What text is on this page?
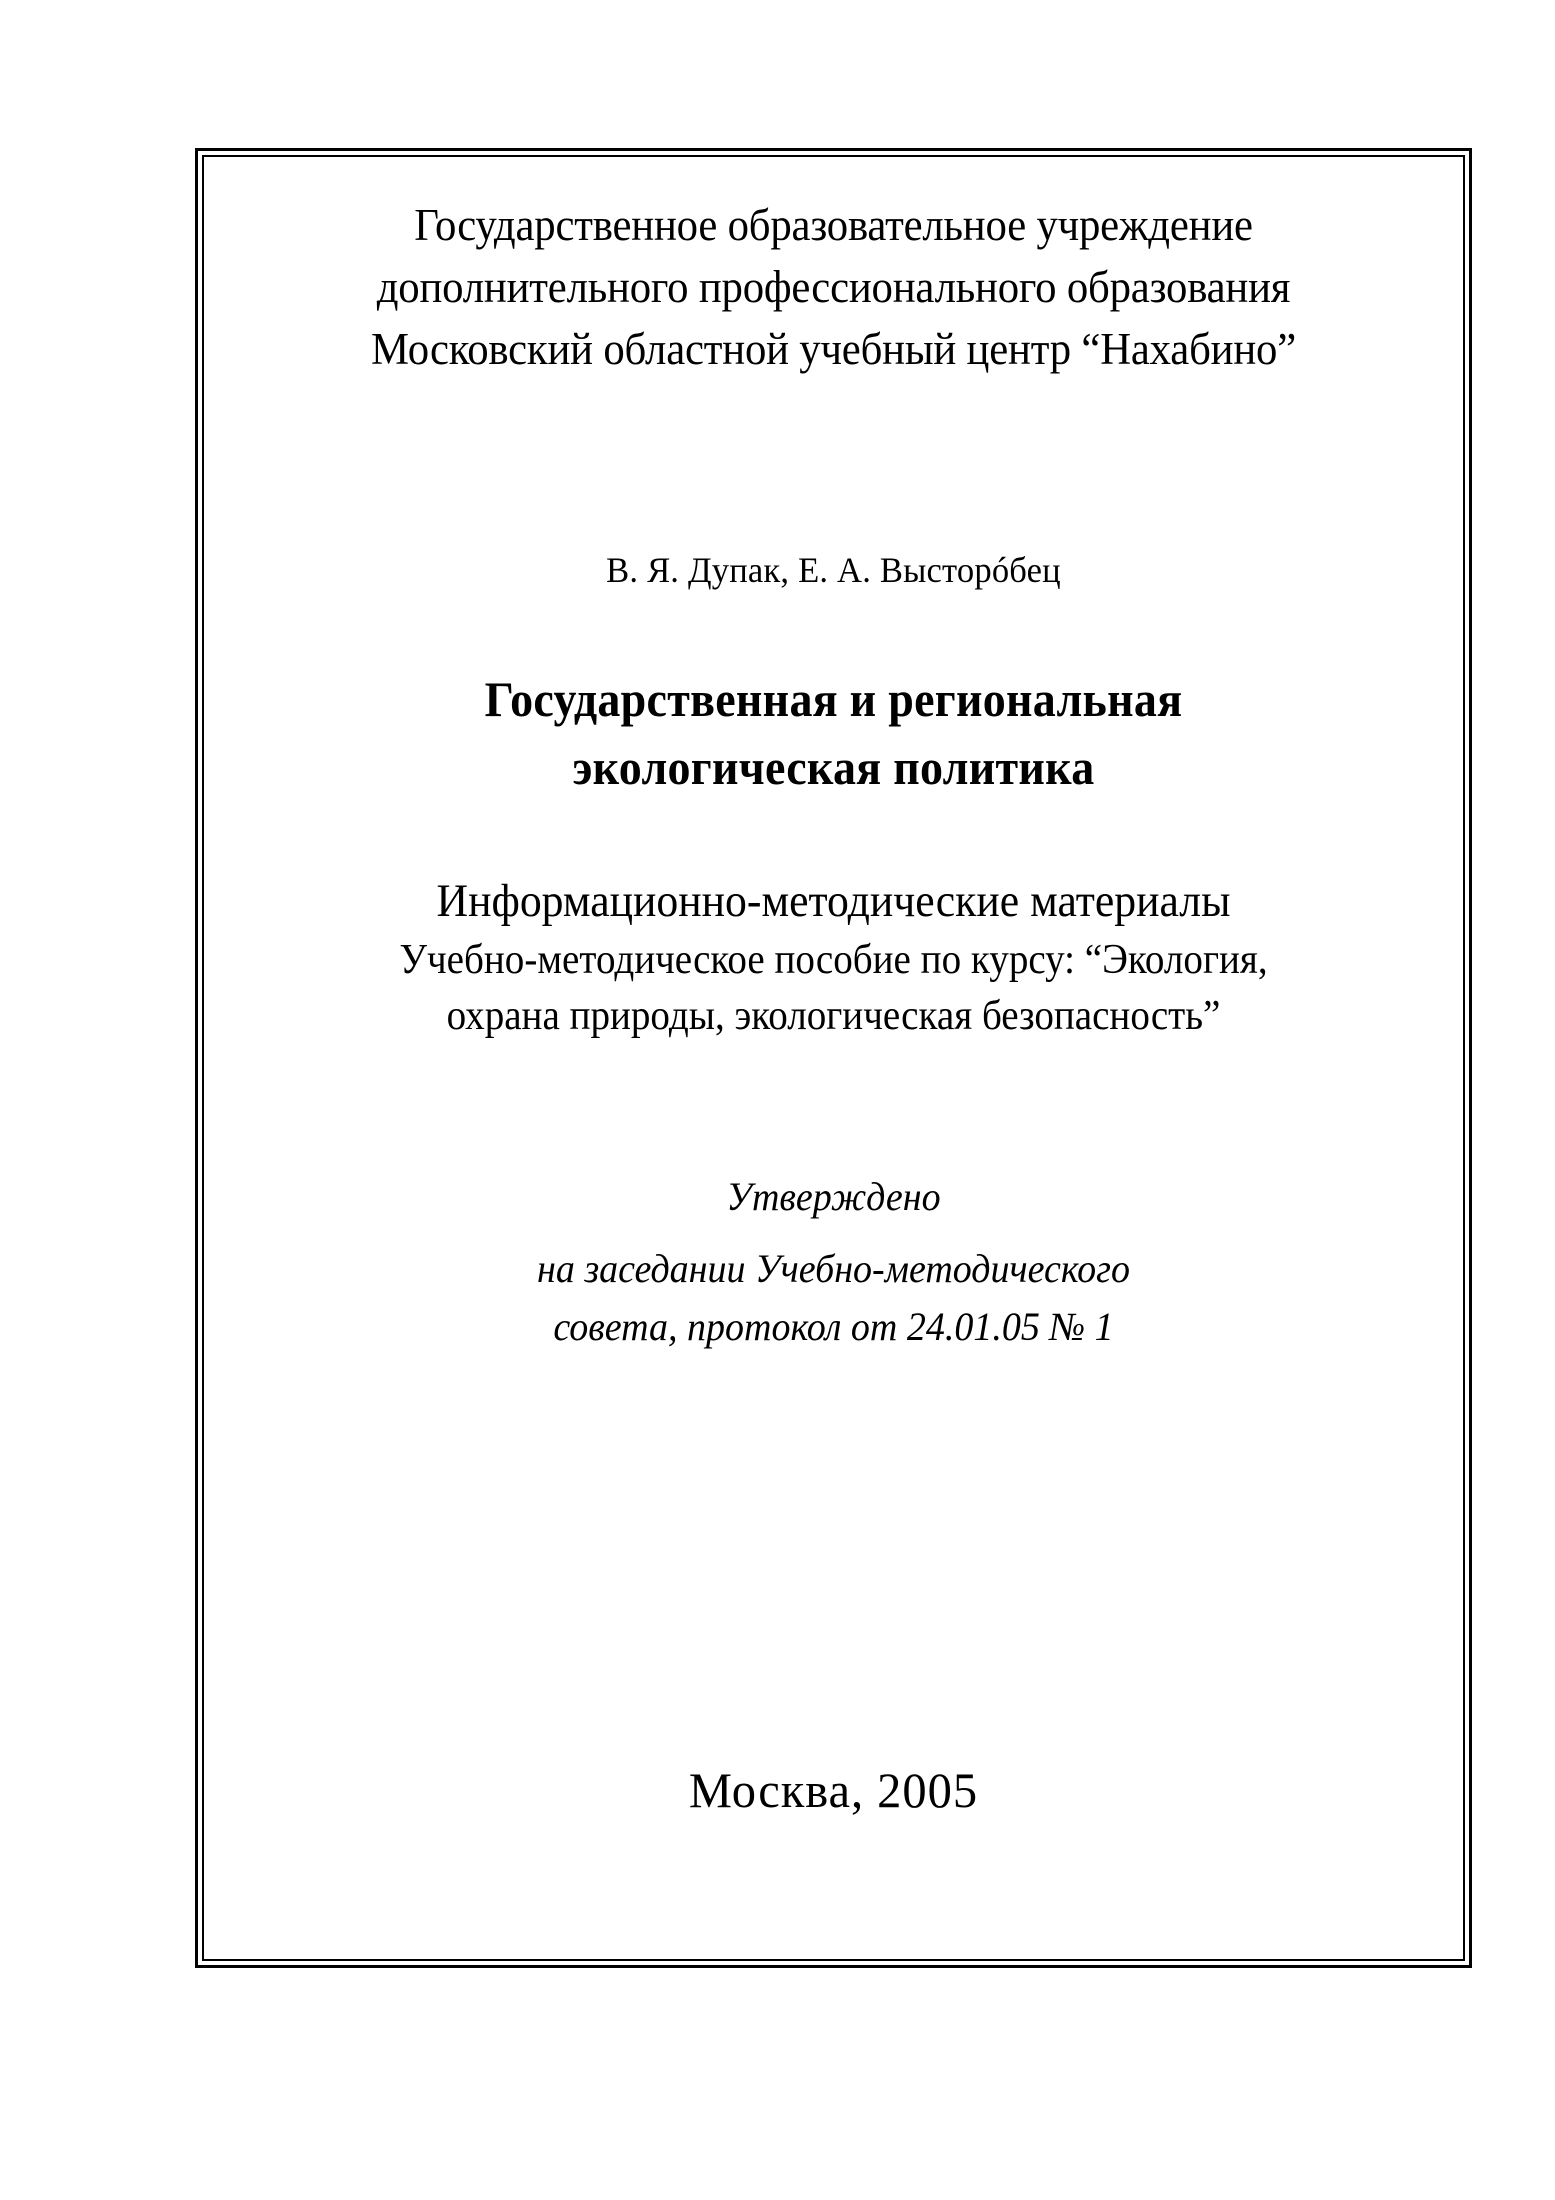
Государственное образовательное учреждение
дополнительного профессионального образования
Московский областной учебный центр “Нахабино”
В. Я. Дупак, Е. А. Высторóбец
Государственная и региональная
экологическая политика
Информационно-методические материалы
Учебно-методическое пособие по курсу: “Экология,
охрана природы, экологическая безопасность”
Утверждено
на заседании Учебно-методического
совета, протокол от 24.01.05 № 1
Москва, 2005
